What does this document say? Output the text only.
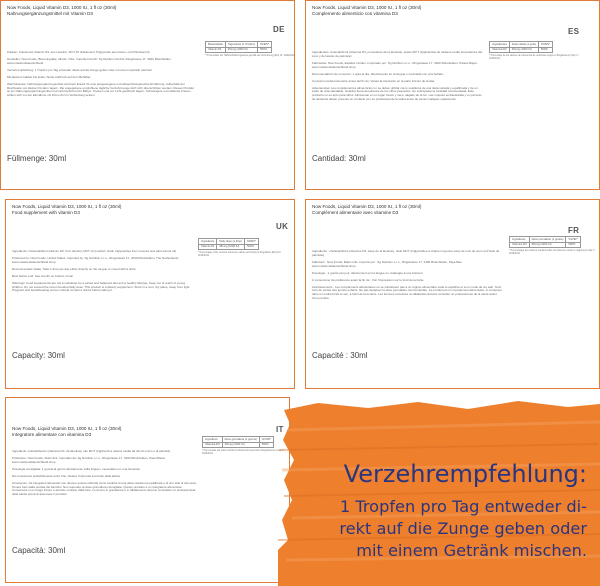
Now Foods, Liquid Vitamin D3, 1000 IU, 1 fl oz (30ml)
Nahrungsergänzungsmittel mit Vitamin D3
DE
Bestandteile	Tagesdosis (1 Tropfen)	%NRV*
Vitamin D3	25mcg (1000 IU)	500%
* Prozentsatz der Nährstoff-Bezugswerte gemäß der Verordnung (EU) Nr. 1169/2011

Zutaten: Kokosnuss Vitamin D3, aus Lanolin), MCT-Öl (fraktioniert Triglyceride aus Kokos- und Palmkernöl)

Hersteller: Now Foods, Bloomingdale, Illinois, USA. Importiert durch: Sg Nutrition GmbH, Ringstrasse 17, 4400 Rheinfelden. www.nowfoodsdeutschland

Verzehrempfehlung: 1 Tropfen pro Tag entweder direkt auf die Zunge geben oder mit einem Getränk mischen.

Mindestens haltbar bis Ende: Siehe Aufdruck auf dem Behälter.

Warnhinweise: Nahrungsergänzungsmittel sind kein Ersatz für eine ausgewogene und abwechslungsreiche Ernährung. Außerhalb der Reichweite von kleinen Kindern lagern. Die angegebene empfohlene tägliche Verzehrmenge darf nicht überschritten werden. Dieses Produkt ist ein Nahrungsergänzungsmittel und nicht bestimmt für Babys. Trocken und vor Licht geschützt lagern. Schwangere und stillende Frauen sollten sich vor der Einnahme mit ihrem Arzt in Verbindung setzen.

Füllmenge: 30ml
Now Foods, Liquid Vitamin D3, 1000 IU, 1 fl oz (30ml)
Complemento alimenticio con vitamina D3
ES
Ingredientes	Dosis diaria (1 gota)	%VRN*
Vitamina D3	25mcg (1000 IU)	500%
* Porcentaje de los valores de referencia de nutrientes según el Reglamento (UE) n.º 1169/2011

Ingredientes: Colecalciferol (vitamina D3, procedente de la lanolina), aceite MCT (triglicéridos de cadena media procedentes del coco y del aceite de palmiste)

Fabricante: Now Foods, Estados Unidos. Importado por: Sg Nutrition s.r.o., Ringstrasse 17, 4400 Rheinfelden, Países Bajos. www.nowfoodsdeutschland.shop

Recomendación de consumo: 1 gota al día, directamente en la lengua o mezclada con una bebida.

Consumir preferentemente antes del fin de: Véase la impresión en la parte inferior de la lata.

Advertencias: Los complementos alimenticios no se deben utilizar como sustitutos de una dieta variada y equilibrada y de un estilo de vida saludable. Guardar fuera del alcance de los niños pequeños. No sobrepasar la cantidad recomendada. Este producto no es apto para niños. Almacenar en un lugar fresco y seco, alejado de la luz. Las mujeres embarazadas y en período de lactancia deben ponerse en contacto con su profesional de la salud antes de tomar cualquier suplemento.

Cantidad: 30ml
Now Foods, Liquid Vitamin D3, 1000 IU, 1 fl oz (30ml)
Food supplement with vitamin D3
UK
Ingredients	Daily dose (1 drop)	%NRV*
Vitamin D3	25mcg (1000 IU)	500%
* Percentage of the nutrient reference values according to Regulation (EU) No. 1169/2011

Ingredients: cholecalciferol (vitamin D3, from lanolin), MCT oil (medium chain triglycerides from coconut and palm kernel oil)

Produced by: Now Foods, United States. Imported by: Sg Nutrition s.r.o., Ringstrasse 17, 4400 Rheinfelden, The Netherlands. www.nowfoodsdeutschland.shop

Recommended intake: Take 1 drop per day either directly on the tongue or mixed with a drink.

Best before end: See imprint on bottom of can.

Warnings: Food supplements are not a substitute for a varied and balanced diet and a healthy lifestyle. Keep out of reach of young children. Do not exceed the recommended daily dose. This product is a dietary supplement. Store in a cool, dry place, away from light. Pregnant and breastfeeding women should contact a doctor before taking it.

Capacity: 30ml
Now Foods, Liquid Vitamin D3, 1000 IU, 1 fl oz (30ml)
Complément alimentaire avec vitamine D3
FR
Ingrédients	Dose journalière (1 goutte)	%VNR*
Vitamine D3	25mcg (1000 IU)	500%
* Pourcentage des valeurs nutritionnelles de référence selon le règlement (UE) n° 1169/2011

Ingrédients : cholécalciférol (vitamine D3, issue de la lanoline), huile MCT (triglycérides à chaîne moyenne issus de noix de coco et d'huile de palmiste)

Fabricant : Now Foods, États-Unis. Importé par : Sg Nutrition s.r.o., Ringstrasse 17, 4400 Rheinfelden, Pays-Bas. www.nowfoodsdeutschland.shop

Posologie : 1 goutte par jour, directement sur la langue ou mélangée à une boisson.

À consommer de préférence avant la fin de : Voir l'impression sur le fond de la boîte.

Avertissements : Les compléments alimentaires ne se substituent pas à un régime alimentaire varié et équilibré et à un mode de vie sain. Tenir hors de portée des jeunes enfants. Ne pas dépasser la dose journalière recommandée. Ce produit est un complément alimentaire. À conserver dans un endroit frais et sec, à l'abri de la lumière. Les femmes enceintes ou allaitantes doivent consulter un professionnel de la santé avant d'en prendre.

Capacité : 30ml
Now Foods, Liquid Vitamin D3, 1000 IU, 1 fl oz (30ml)
Integratore alimentare con vitamina D3
IT
Ingredienti	Dose giornaliera (1 goccia)	%VNR*
Vitamina D3	25mcg (1000 IU)	500%
* Percentuale dei valori nutritivi di riferimento secondo il Regolamento (UE) n. 1169/2011

Ingredienti: colecalciferolo (vitamina D3, da lanolina), olio MCT (trigliceridi a catena media da olio di cocco e di palmisti)

Produttore: Now Foods, Stati Uniti. Importato da: Sg Nutrition s.r.o., Ringstrasse 17, 4400 Rheinfelden, Paesi Bassi. www.nowfoodsdeutschland.shop

Posologia consigliata: 1 goccia al giorno direttamente sulla lingua o mescolata con una bevanda.

Da consumarsi preferibilmente entro fine: Vedere l'impronta sul fondo della lattina.

Avvertenze: Gli integratori alimentari non devono essere utilizzati come sostituti di una dieta variata ed equilibrata e di uno stile di vita sano. Tenere fuori dalla portata dei bambini. Non superare la dose giornaliera consigliata. Questo prodotto è un integratore alimentare. Conservare in un luogo fresco e asciutto, lontano dalla luce. Le donne in gravidanza e in allattamento devono consultare un professionista della salute prima di assumere il prodotto.

Capacità: 30ml
Verzehrempfehlung:
1 Tropfen pro Tag entweder di-
rekt auf die Zunge geben oder
mit einem Getränk mischen.
